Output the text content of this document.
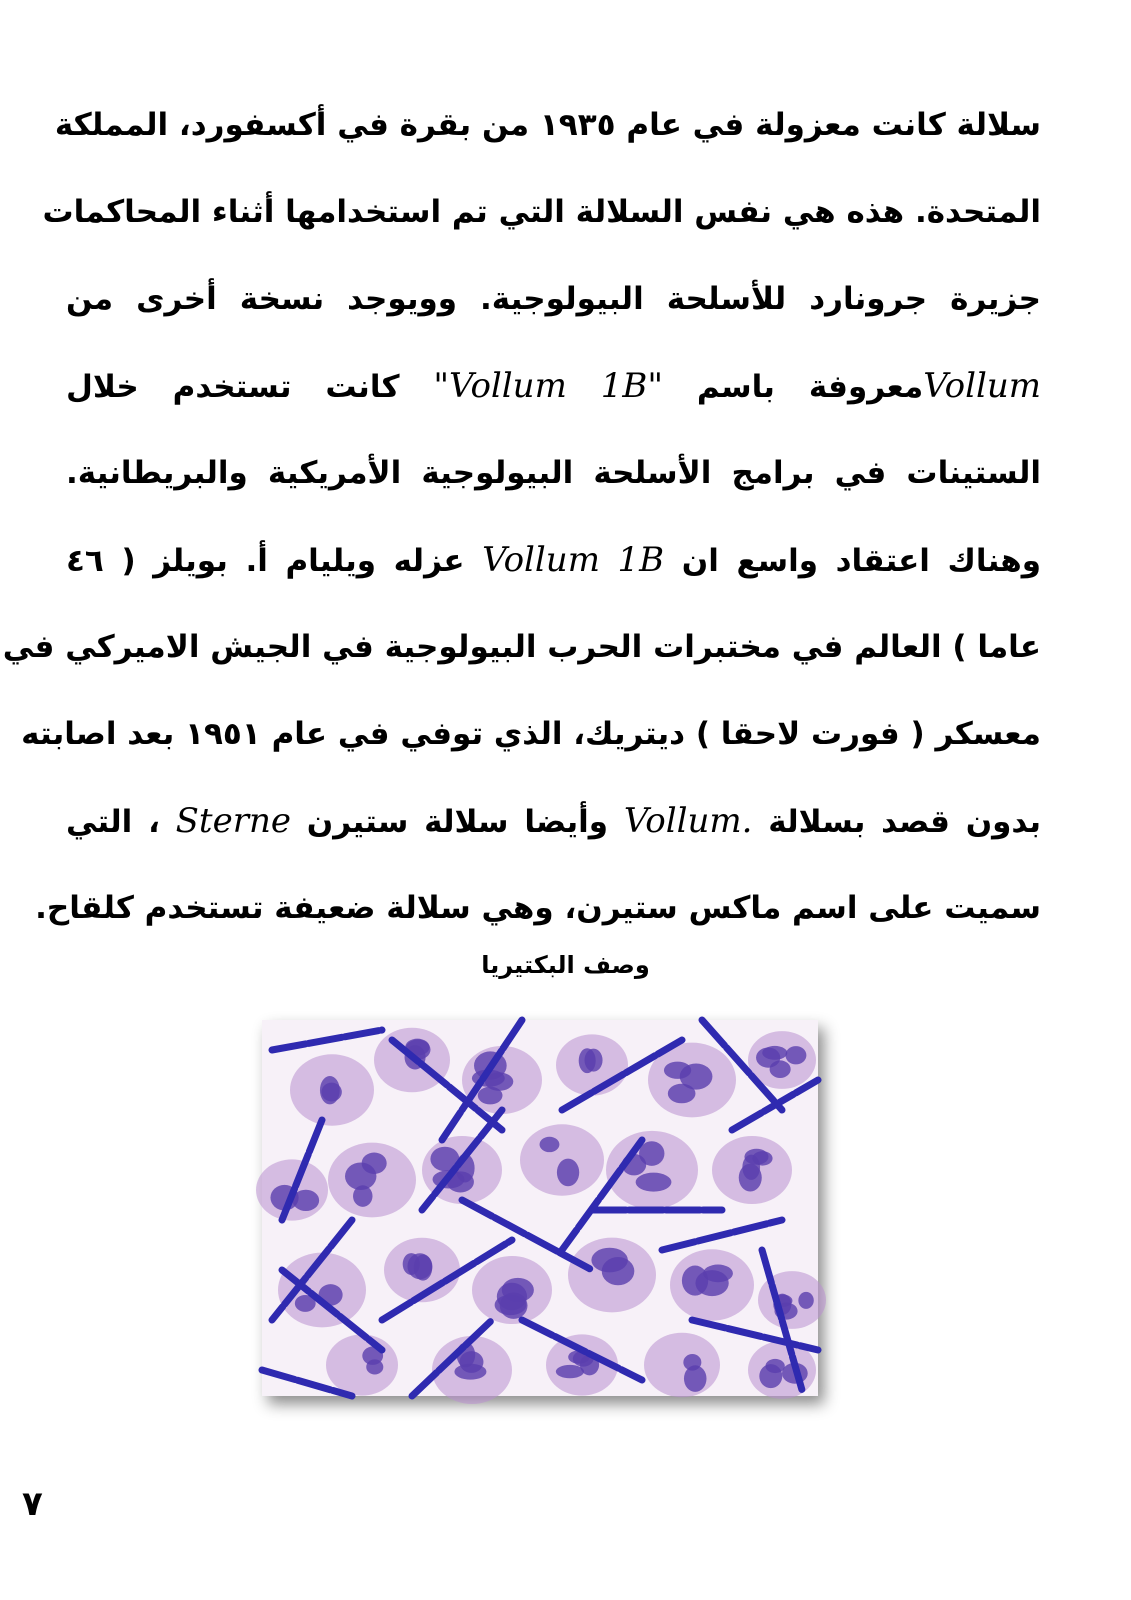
سلالة كانت معزولة في عام ١٩٣٥ من بقرة في أكسفورد، المملكة
المتحدة. هذه هي نفس السلالة التي تم استخدامها أثناء المحاكمات
جزيرة جرونارد للأسلحة البيولوجية. وويوجد نسخة أخرى من
Vollumمعروفة باسم "Vollum 1B" كانت تستخدم خلال
الستينات في برامج الأسلحة البيولوجية الأمريكية والبريطانية.
وهناك اعتقاد واسع ان Vollum 1B عزله ويليام أ. بويلز ( ٤٦
عاما ) العالم في مختبرات الحرب البيولوجية في الجيش الاميركي في
معسكر ( فورت لاحقا ) ديتريك، الذي توفي في عام ١٩٥١ بعد اصابته
بدون قصد بسلالة Vollum. وأيضا سلالة ستيرن Sterne ، التي
سميت على اسم ماكس ستيرن، وهي سلالة ضعيفة تستخدم كلقاح.
وصف البكتيريا
٧
